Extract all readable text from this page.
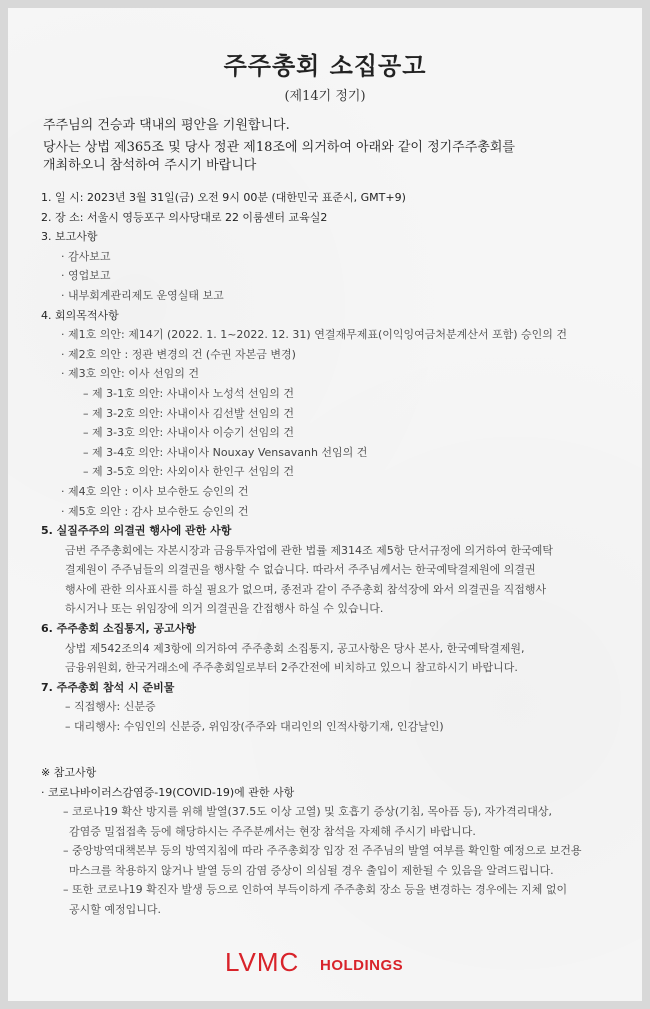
주주총회 소집공고
(제14기 정기)
주주님의 건승과 댁내의 평안을 기원합니다.
당사는 상법 제365조 및 당사 정관 제18조에 의거하여 아래와 같이 정기주주총회를
개최하오니 참석하여 주시기 바랍니다
1. 일 시: 2023년 3월 31일(금) 오전 9시 00분 (대한민국 표준시, GMT+9)
2. 장 소: 서울시 영등포구 의사당대로 22 이룸센터 교육실2
3. 보고사항
· 감사보고
· 영업보고
· 내부회계관리제도 운영실태 보고
4. 회의목적사항
· 제1호 의안: 제14기 (2022. 1. 1~2022. 12. 31) 연결재무제표(이익잉여금처분계산서 포함) 승인의 건
· 제2호 의안 : 정관 변경의 건 (수권 자본금 변경)
· 제3호 의안: 이사 선임의 건
– 제 3-1호 의안: 사내이사 노성석 선임의 건
– 제 3-2호 의안: 사내이사 김선발 선임의 건
– 제 3-3호 의안: 사내이사 이승기 선임의 건
– 제 3-4호 의안: 사내이사 Nouxay Vensavanh 선임의 건
– 제 3-5호 의안: 사외이사 한인구 선임의 건
· 제4호 의안 : 이사 보수한도 승인의 건
· 제5호 의안 : 감사 보수한도 승인의 건
5. 실질주주의 의결권 행사에 관한 사항
금번 주주총회에는 자본시장과 금융투자업에 관한 법률 제314조 제5항 단서규정에 의거하여 한국예탁
결제원이 주주님들의 의결권을 행사할 수 없습니다. 따라서 주주님께서는 한국예탁결제원에 의결권
행사에 관한 의사표시를 하실 필요가 없으며, 종전과 같이 주주총회 참석장에 와서 의결권을 직접행사
하시거나 또는 위임장에 의거 의결권을 간접행사 하실 수 있습니다.
6. 주주총회 소집통지, 공고사항
상법 제542조의4 제3항에 의거하여 주주총회 소집통지, 공고사항은 당사 본사, 한국예탁결제원,
금융위원회, 한국거래소에 주주총회일로부터 2주간전에 비치하고 있으니 참고하시기 바랍니다.
7. 주주총회 참석 시 준비물
– 직접행사: 신분증
– 대리행사: 수임인의 신분증, 위임장(주주와 대리인의 인적사항기재, 인감날인)
※ 참고사항
· 코로나바이러스감염증-19(COVID-19)에 관한 사항
– 코로나19 확산 방지를 위해 발열(37.5도 이상 고열) 및 호흡기 증상(기침, 목아픔 등), 자가격리대상,
감염증 밀접접촉 등에 해당하시는 주주분께서는 현장 참석을 자제해 주시기 바랍니다.
– 중앙방역대책본부 등의 방역지침에 따라 주주총회장 입장 전 주주님의 발열 여부를 확인할 예정으로 보건용
마스크를 착용하지 않거나 발열 등의 감염 증상이 의심될 경우 출입이 제한될 수 있음을 알려드립니다.
– 또한 코로나19 확진자 발생 등으로 인하여 부득이하게 주주총회 장소 등을 변경하는 경우에는 지체 없이
공시할 예정입니다.
LVMC HOLDINGS
